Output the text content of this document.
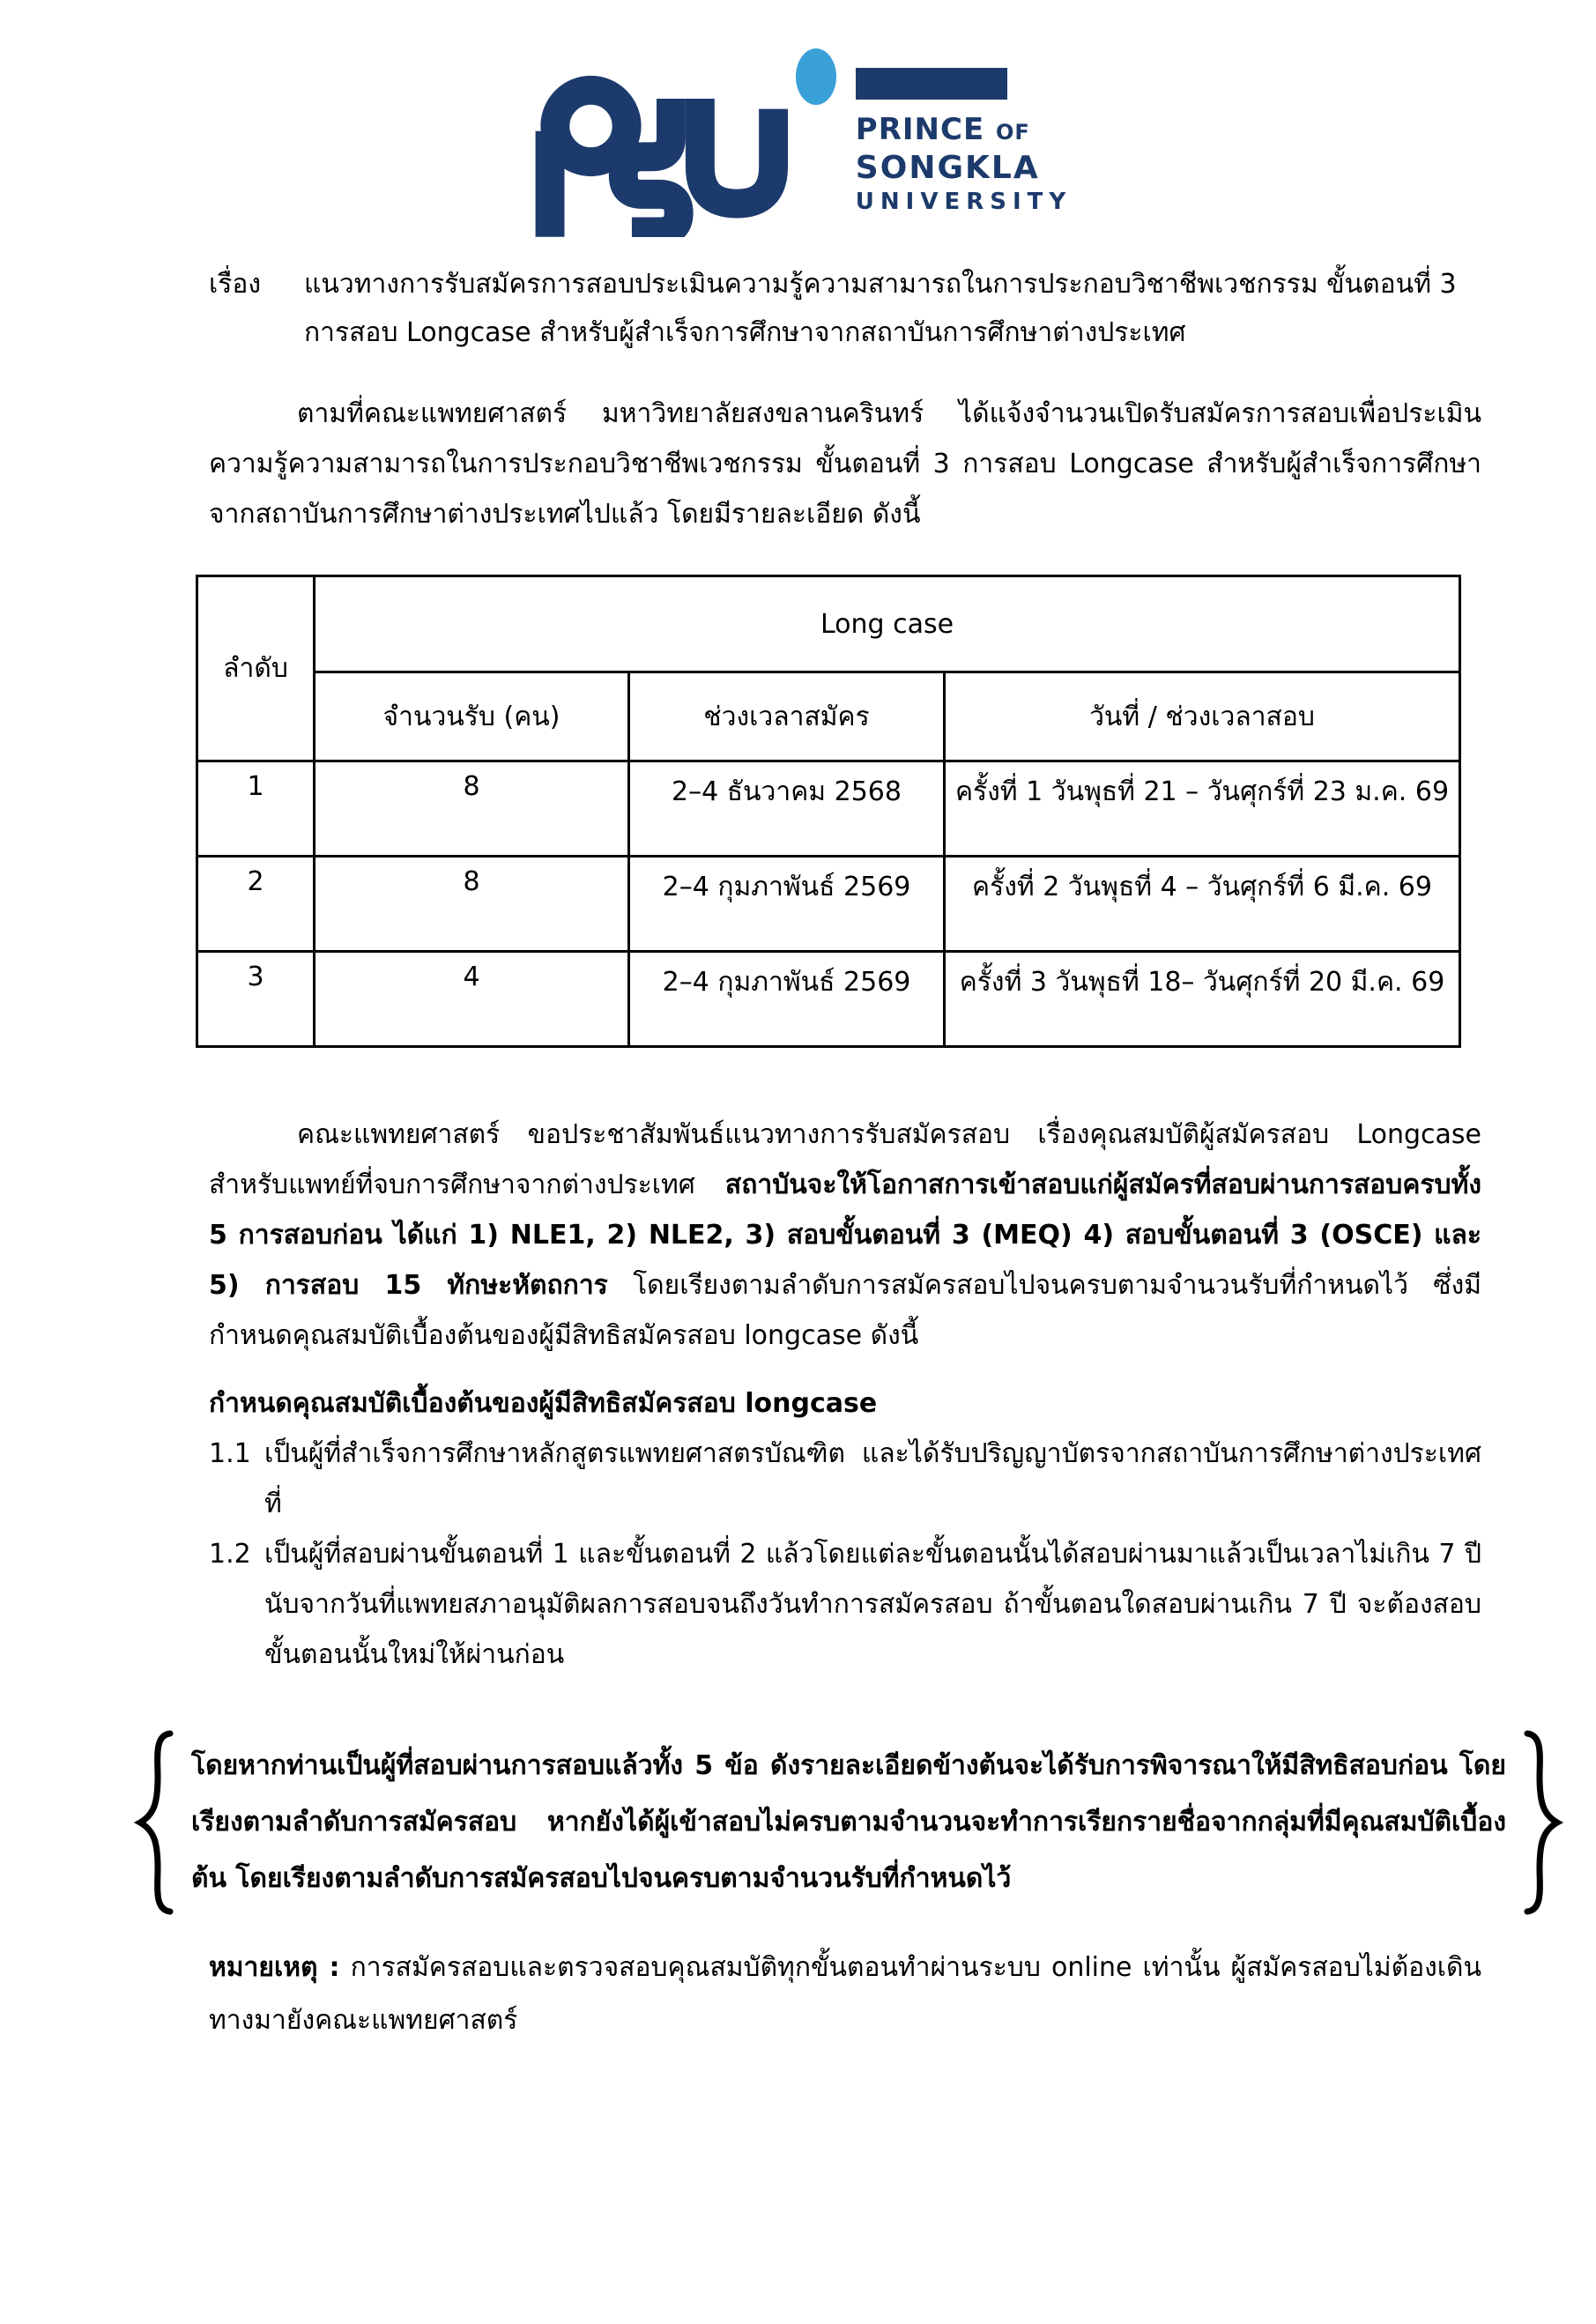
PRINCE OF
SONGKLA
UNIVERSITY
เรื่อง	แนวทางการรับสมัครการสอบประเมินความรู้ความสามารถในการประกอบวิชาชีพเวชกรรม ขั้นตอนที่ 3
การสอบ Longcase สำหรับผู้สำเร็จการศึกษาจากสถาบันการศึกษาต่างประเทศ
ตามที่คณะแพทยศาสตร์ มหาวิทยาลัยสงขลานครินทร์ ได้แจ้งจำนวนเปิดรับสมัครการสอบเพื่อประเมินความรู้ความสามารถในการประกอบวิชาชีพเวชกรรม ขั้นตอนที่ 3 การสอบ Longcase สำหรับผู้สำเร็จการศึกษาจากสถาบันการศึกษาต่างประเทศไปแล้ว โดยมีรายละเอียด ดังนี้
ลำดับ	Long case		
	จำนวนรับ (คน)	ช่วงเวลาสมัคร	วันที่ / ช่วงเวลาสอบ
1	8	2–4 ธันวาคม 2568	ครั้งที่ 1 วันพุธที่ 21 – วันศุกร์ที่ 23 ม.ค. 69
2	8	2–4 กุมภาพันธ์ 2569	ครั้งที่ 2 วันพุธที่ 4 – วันศุกร์ที่ 6 มี.ค. 69
3	4	2–4 กุมภาพันธ์ 2569	ครั้งที่ 3 วันพุธที่ 18– วันศุกร์ที่ 20 มี.ค. 69
คณะแพทยศาสตร์ ขอประชาสัมพันธ์แนวทางการรับสมัครสอบ เรื่องคุณสมบัติผู้สมัครสอบ Longcase สำหรับแพทย์ที่จบการศึกษาจากต่างประเทศ สถาบันจะให้โอกาสการเข้าสอบแก่ผู้สมัครที่สอบผ่านการสอบครบทั้ง 5 การสอบก่อน ได้แก่ 1) NLE1, 2) NLE2, 3) สอบขั้นตอนที่ 3 (MEQ) 4) สอบขั้นตอนที่ 3 (OSCE) และ 5) การสอบ 15 ทักษะหัตถการ โดยเรียงตามลำดับการสมัครสอบไปจนครบตามจำนวนรับที่กำหนดไว้ ซึ่งมีกำหนดคุณสมบัติเบื้องต้นของผู้มีสิทธิสมัครสอบ longcase ดังนี้
กำหนดคุณสมบัติเบื้องต้นของผู้มีสิทธิสมัครสอบ longcase
1.1 เป็นผู้ที่สำเร็จการศึกษาหลักสูตรแพทยศาสตรบัณฑิต และได้รับปริญญาบัตรจากสถาบันการศึกษาต่างประเทศที่
1.2 เป็นผู้ที่สอบผ่านขั้นตอนที่ 1 และขั้นตอนที่ 2 แล้วโดยแต่ละขั้นตอนนั้นได้สอบผ่านมาแล้วเป็นเวลาไม่เกิน 7 ปี นับจากวันที่แพทยสภาอนุมัติผลการสอบจนถึงวันทำการสมัครสอบ ถ้าขั้นตอนใดสอบผ่านเกิน 7 ปี จะต้องสอบขั้นตอนนั้นใหม่ให้ผ่านก่อน
โดยหากท่านเป็นผู้ที่สอบผ่านการสอบแล้วทั้ง 5 ข้อ ดังรายละเอียดข้างต้นจะได้รับการพิจารณาให้มีสิทธิสอบก่อน โดยเรียงตามลำดับการสมัครสอบ หากยังได้ผู้เข้าสอบไม่ครบตามจำนวนจะทำการเรียกรายชื่อจากกลุ่มที่มีคุณสมบัติเบื้องต้น โดยเรียงตามลำดับการสมัครสอบไปจนครบตามจำนวนรับที่กำหนดไว้
หมายเหตุ : การสมัครสอบและตรวจสอบคุณสมบัติทุกขั้นตอนทำผ่านระบบ online เท่านั้น ผู้สมัครสอบไม่ต้องเดินทางมายังคณะแพทยศาสตร์
